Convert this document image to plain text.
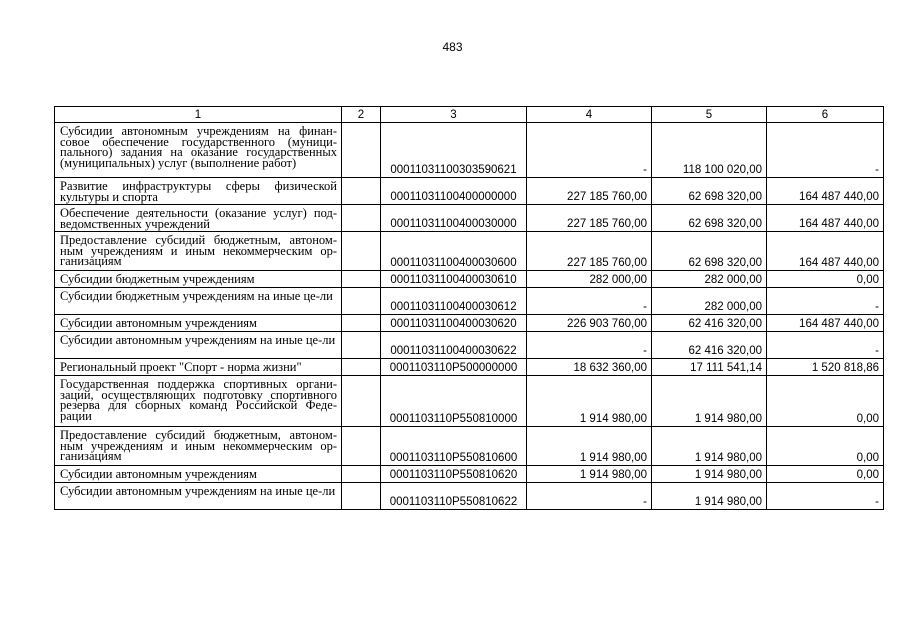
483
1	2	3	4	5	6
Субсидии автономным учреждениям на финан-совое обеспечение государственного (муници-пального) задания на оказание государственных (муниципальных) услуг (выполнение работ)		00011031100303590621	-	118 100 020,00	-
Развитие инфраструктуры сферы физической культуры и спорта		00011031100400000000	227 185 760,00	62 698 320,00	164 487 440,00
Обеспечение деятельности (оказание услуг) под-ведомственных учреждений		00011031100400030000	227 185 760,00	62 698 320,00	164 487 440,00
Предоставление субсидий бюджетным, автоном-ным учреждениям и иным некоммерческим ор-ганизациям		00011031100400030600	227 185 760,00	62 698 320,00	164 487 440,00
Субсидии бюджетным учреждениям		00011031100400030610	282 000,00	282 000,00	0,00
Субсидии бюджетным учреждениям на иные це-ли		00011031100400030612	-	282 000,00	-
Субсидии автономным учреждениям		00011031100400030620	226 903 760,00	62 416 320,00	164 487 440,00
Субсидии автономным учреждениям на иные це-ли		00011031100400030622	-	62 416 320,00	-
Региональный проект "Спорт - норма жизни"		0001103110P500000000	18 632 360,00	17 111 541,14	1 520 818,86
Государственная поддержка спортивных органи-заций, осуществляющих подготовку спортивного резерва для сборных команд Российской Феде-рации		0001103110P550810000	1 914 980,00	1 914 980,00	0,00
Предоставление субсидий бюджетным, автоном-ным учреждениям и иным некоммерческим ор-ганизациям		0001103110P550810600	1 914 980,00	1 914 980,00	0,00
Субсидии автономным учреждениям		0001103110P550810620	1 914 980,00	1 914 980,00	0,00
Субсидии автономным учреждениям на иные це-ли		0001103110P550810622	-	1 914 980,00	-
